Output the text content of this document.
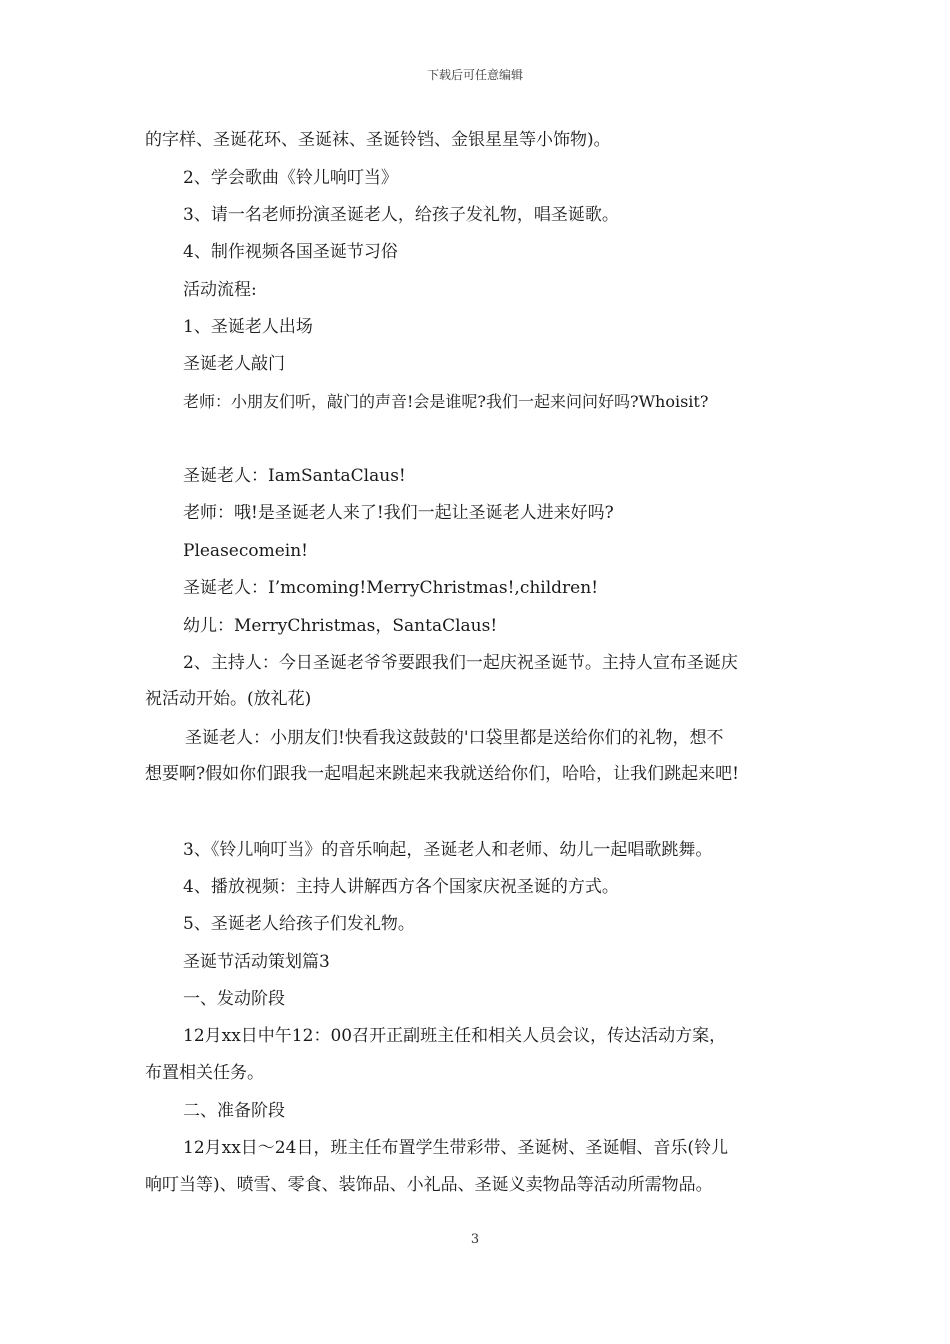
下载后可任意编辑
的字样、圣诞花环、圣诞袜、圣诞铃铛、金银星星等小饰物)。
2、学会歌曲《铃儿响叮当》
3、请一名老师扮演圣诞老人，给孩子发礼物，唱圣诞歌。
4、制作视频各国圣诞节习俗
活动流程:
1、圣诞老人出场
圣诞老人敲门
老师：小朋友们听，敲门的声音!会是谁呢?我们一起来问问好吗?Whoisit?
圣诞老人：IamSantaClaus!
老师：哦!是圣诞老人来了!我们一起让圣诞老人进来好吗?
Pleasecomein!
圣诞老人：I’mcoming!MerryChristmas!,children!
幼儿：MerryChristmas，SantaClaus!
2、主持人：今日圣诞老爷爷要跟我们一起庆祝圣诞节。主持人宣布圣诞庆
祝活动开始。(放礼花)
圣诞老人：小朋友们!快看我这鼓鼓的'口袋里都是送给你们的礼物，想不
想要啊?假如你们跟我一起唱起来跳起来我就送给你们，哈哈，让我们跳起来吧!
3、《铃儿响叮当》的音乐响起，圣诞老人和老师、幼儿一起唱歌跳舞。
4、播放视频：主持人讲解西方各个国家庆祝圣诞的方式。
5、圣诞老人给孩子们发礼物。
圣诞节活动策划篇3
一、发动阶段
12月xx日中午12：00召开正副班主任和相关人员会议，传达活动方案，
布置相关任务。
二、准备阶段
12月xx日～24日，班主任布置学生带彩带、圣诞树、圣诞帽、音乐(铃儿
响叮当等)、喷雪、零食、装饰品、小礼品、圣诞义卖物品等活动所需物品。
3
